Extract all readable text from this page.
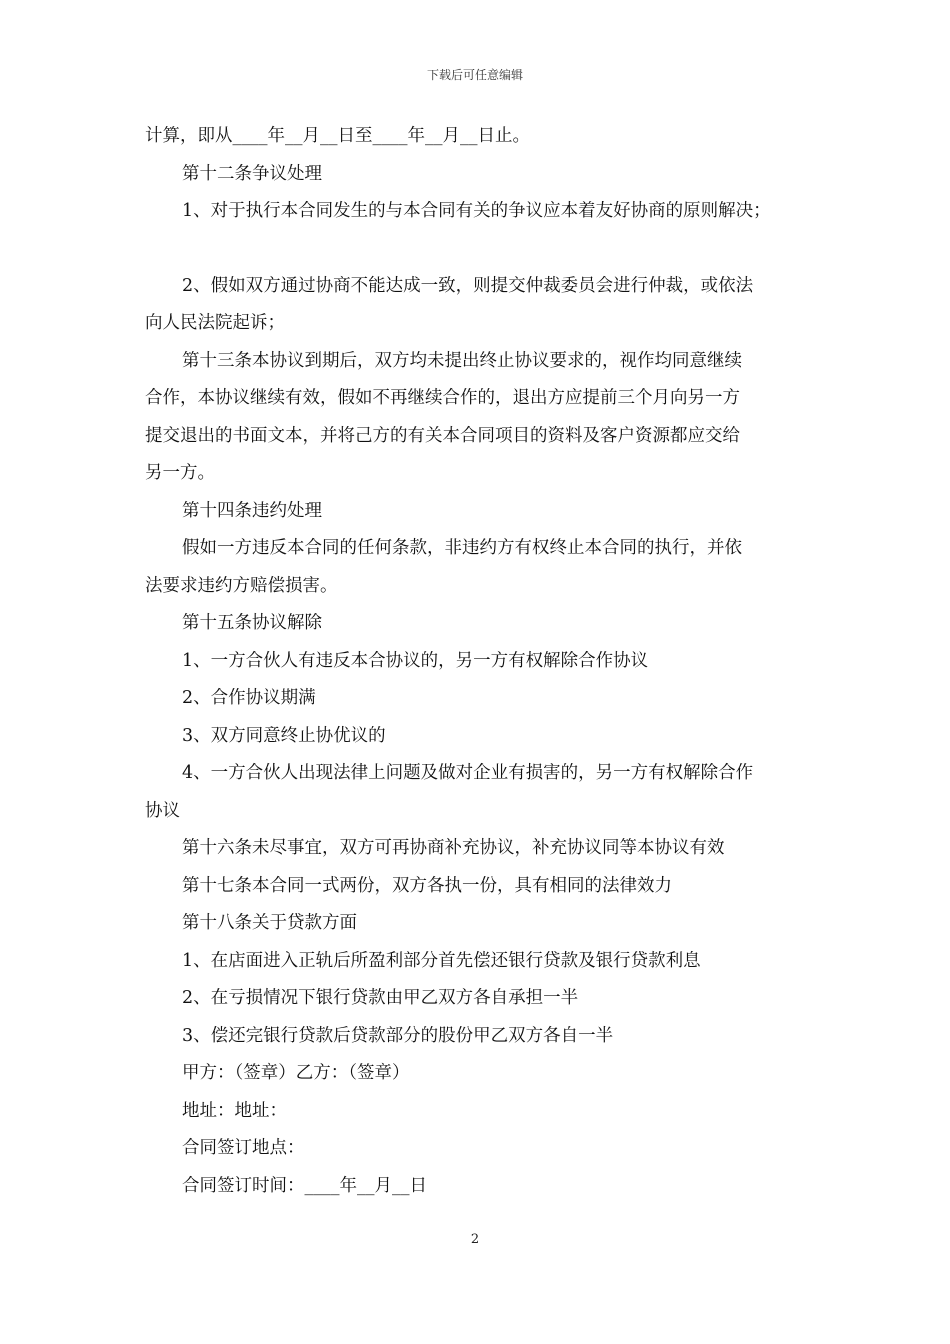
下载后可任意编辑
计算，即从____年__月__日至____年__月__日止。
第十二条争议处理
1、对于执行本合同发生的与本合同有关的争议应本着友好协商的原则解决；
2、假如双方通过协商不能达成一致，则提交仲裁委员会进行仲裁，或依法
向人民法院起诉；
第十三条本协议到期后，双方均未提出终止协议要求的，视作均同意继续
合作，本协议继续有效，假如不再继续合作的，退出方应提前三个月向另一方
提交退出的书面文本，并将己方的有关本合同项目的资料及客户资源都应交给
另一方。
第十四条违约处理
假如一方违反本合同的任何条款，非违约方有权终止本合同的执行，并依
法要求违约方赔偿损害。
第十五条协议解除
1、一方合伙人有违反本合协议的，另一方有权解除合作协议
2、合作协议期满
3、双方同意终止协优议的
4、一方合伙人出现法律上问题及做对企业有损害的，另一方有权解除合作
协议
第十六条未尽事宜，双方可再协商补充协议，补充协议同等本协议有效
第十七条本合同一式两份，双方各执一份，具有相同的法律效力
第十八条关于贷款方面
1、在店面进入正轨后所盈利部分首先偿还银行贷款及银行贷款利息
2、在亏损情况下银行贷款由甲乙双方各自承担一半
3、偿还完银行贷款后贷款部分的股份甲乙双方各自一半
甲方：（签章）乙方：（签章）
地址：地址：
合同签订地点：
合同签订时间：____年__月__日
2
